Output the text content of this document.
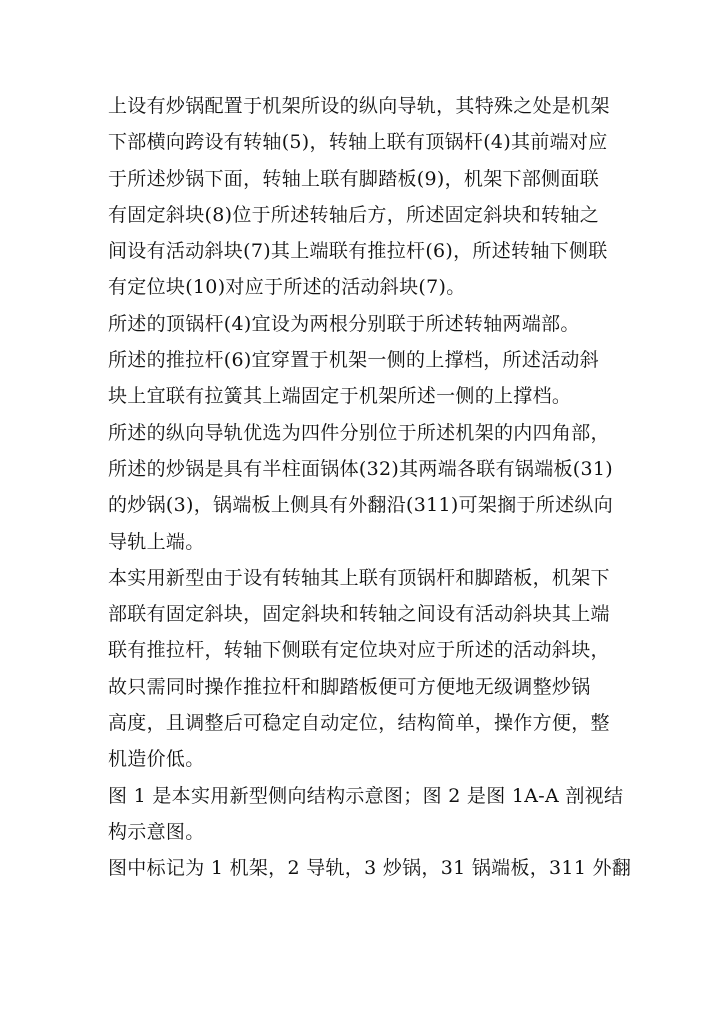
上设有炒锅配置于机架所设的纵向导轨，其特殊之处是机架
下部横向跨设有转轴(5)，转轴上联有顶锅杆(4)其前端对应
于所述炒锅下面，转轴上联有脚踏板(9)，机架下部侧面联
有固定斜块(8)位于所述转轴后方，所述固定斜块和转轴之
间设有活动斜块(7)其上端联有推拉杆(6)，所述转轴下侧联
有定位块(10)对应于所述的活动斜块(7)。
所述的顶锅杆(4)宜设为两根分别联于所述转轴两端部。
所述的推拉杆(6)宜穿置于机架一侧的上撑档，所述活动斜
块上宜联有拉簧其上端固定于机架所述一侧的上撑档。
所述的纵向导轨优选为四件分别位于所述机架的内四角部，
所述的炒锅是具有半柱面锅体(32)其两端各联有锅端板(31)
的炒锅(3)，锅端板上侧具有外翻沿(311)可架搁于所述纵向
导轨上端。
本实用新型由于设有转轴其上联有顶锅杆和脚踏板，机架下
部联有固定斜块，固定斜块和转轴之间设有活动斜块其上端
联有推拉杆，转轴下侧联有定位块对应于所述的活动斜块，
故只需同时操作推拉杆和脚踏板便可方便地无级调整炒锅
高度，且调整后可稳定自动定位，结构简单，操作方便，整
机造价低。
图 1 是本实用新型侧向结构示意图；图 2 是图 1A-A 剖视结
构示意图。
图中标记为 1 机架，2 导轨，3 炒锅，31 锅端板，311 外翻
